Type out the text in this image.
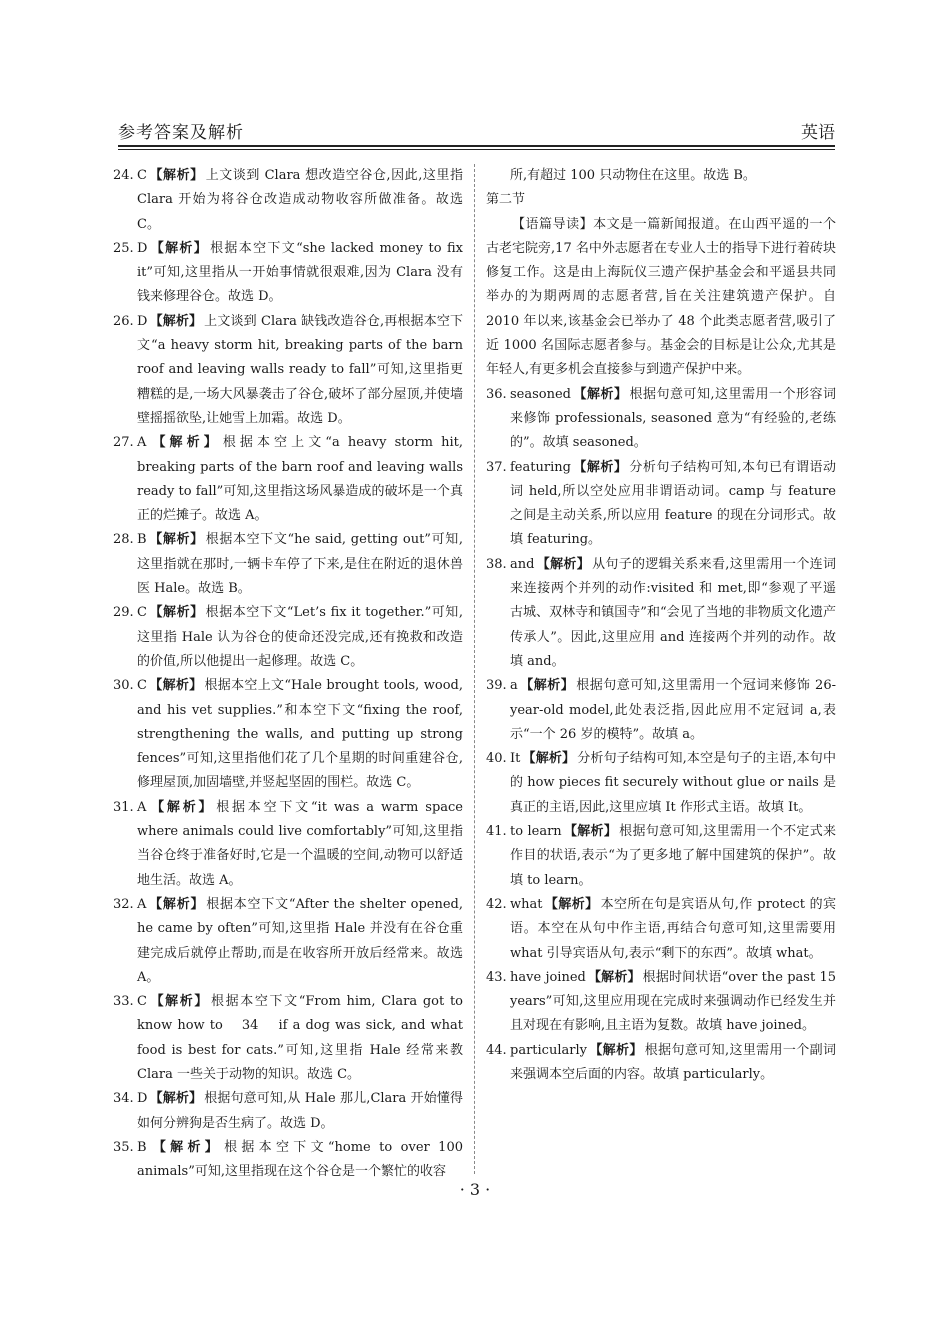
参考答案及解析	英语
24. C 【解析】 上文谈到 Clara 想改造空谷仓,因此,这里指 Clara 开始为将谷仓改造成动物收容所做准备。故选 C。
25. D 【解析】 根据本空下文“she lacked money to fix it”可知,这里指从一开始事情就很艰难,因为 Clara 没有钱来修理谷仓。故选 D。
26. D 【解析】 上文谈到 Clara 缺钱改造谷仓,再根据本空下文“a heavy storm hit, breaking parts of the barn roof and leaving walls ready to fall”可知,这里指更糟糕的是,一场大风暴袭击了谷仓,破坏了部分屋顶,并使墙壁摇摇欲坠,让她雪上加霜。故选 D。
27. A 【解析】 根据本空上文“a heavy storm hit, breaking parts of the barn roof and leaving walls ready to fall”可知,这里指这场风暴造成的破坏是一个真正的烂摊子。故选 A。
28. B 【解析】 根据本空下文“he said, getting out”可知,这里指就在那时,一辆卡车停了下来,是住在附近的退休兽医 Hale。故选 B。
29. C 【解析】 根据本空下文“Let’s fix it together.”可知,这里指 Hale 认为谷仓的使命还没完成,还有挽救和改造的价值,所以他提出一起修理。故选 C。
30. C 【解析】 根据本空上文“Hale brought tools, wood, and his vet supplies.”和本空下文“fixing the roof, strengthening the walls, and putting up strong fences”可知,这里指他们花了几个星期的时间重建谷仓,修理屋顶,加固墙壁,并竖起坚固的围栏。故选 C。
31. A 【解析】 根据本空下文“it was a warm space where animals could live comfortably”可知,这里指当谷仓终于准备好时,它是一个温暖的空间,动物可以舒适地生活。故选 A。
32. A 【解析】 根据本空下文“After the shelter opened, he came by often”可知,这里指 Hale 并没有在谷仓重建完成后就停止帮助,而是在收容所开放后经常来。故选 A。
33. C 【解析】 根据本空下文“From him, Clara got to know how to 　34　 if a dog was sick, and what food is best for cats.”可知,这里指 Hale 经常来教 Clara 一些关于动物的知识。故选 C。
34. D 【解析】 根据句意可知,从 Hale 那儿,Clara 开始懂得如何分辨狗是否生病了。故选 D。
35. B 【解析】 根据本空下文“home to over 100 animals”可知,这里指现在这个谷仓是一个繁忙的收容
所,有超过 100 只动物住在这里。故选 B。
第二节
【语篇导读】本文是一篇新闻报道。在山西平遥的一个古老宅院旁,17 名中外志愿者在专业人士的指导下进行着砖块修复工作。这是由上海阮仪三遗产保护基金会和平遥县共同举办的为期两周的志愿者营,旨在关注建筑遗产保护。自 2010 年以来,该基金会已举办了 48 个此类志愿者营,吸引了近 1000 名国际志愿者参与。基金会的目标是让公众,尤其是年轻人,有更多机会直接参与到遗产保护中来。
36. seasoned 【解析】 根据句意可知,这里需用一个形容词来修饰 professionals, seasoned 意为“有经验的,老练的”。故填 seasoned。
37. featuring 【解析】 分析句子结构可知,本句已有谓语动词 held,所以空处应用非谓语动词。camp 与 feature 之间是主动关系,所以应用 feature 的现在分词形式。故填 featuring。
38. and 【解析】 从句子的逻辑关系来看,这里需用一个连词来连接两个并列的动作:visited 和 met,即“参观了平遥古城、双林寺和镇国寺”和“会见了当地的非物质文化遗产传承人”。因此,这里应用 and 连接两个并列的动作。故填 and。
39. a 【解析】 根据句意可知,这里需用一个冠词来修饰 26-year-old model,此处表泛指,因此应用不定冠词 a,表示“一个 26 岁的模特”。故填 a。
40. It 【解析】 分析句子结构可知,本空是句子的主语,本句中的 how pieces fit securely without glue or nails 是真正的主语,因此,这里应填 It 作形式主语。故填 It。
41. to learn 【解析】 根据句意可知,这里需用一个不定式来作目的状语,表示“为了更多地了解中国建筑的保护”。故填 to learn。
42. what 【解析】 本空所在句是宾语从句,作 protect 的宾语。本空在从句中作主语,再结合句意可知,这里需要用 what 引导宾语从句,表示“剩下的东西”。故填 what。
43. have joined 【解析】 根据时间状语“over the past 15 years”可知,这里应用现在完成时来强调动作已经发生并且对现在有影响,且主语为复数。故填 have joined。
44. particularly 【解析】 根据句意可知,这里需用一个副词来强调本空后面的内容。故填 particularly。
· 3 ·
